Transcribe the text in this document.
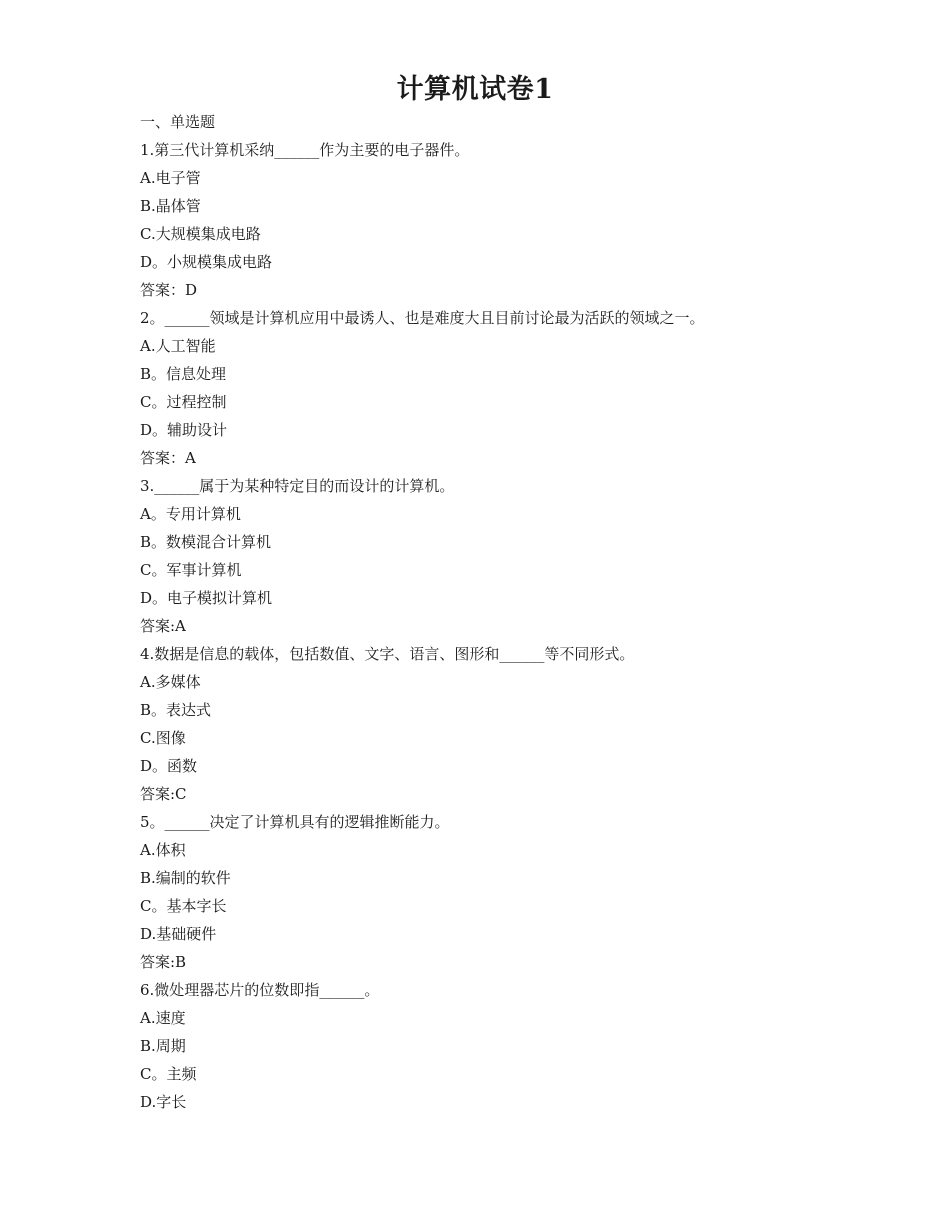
计算机试卷1
一、单选题
1.第三代计算机采纳______作为主要的电子器件。
A.电子管
B.晶体管
C.大规模集成电路
D。小规模集成电路
答案：D
2。______领域是计算机应用中最诱人、也是难度大且目前讨论最为活跃的领域之一。
A.人工智能
B。信息处理
C。过程控制
D。辅助设计
答案：A
3.______属于为某种特定目的而设计的计算机。
A。专用计算机
B。数模混合计算机
C。军事计算机
D。电子模拟计算机
答案:A
4.数据是信息的载体，包括数值、文字、语言、图形和______等不同形式。
A.多媒体
B。表达式
C.图像
D。函数
答案:C
5。______决定了计算机具有的逻辑推断能力。
A.体积
B.编制的软件
C。基本字长
D.基础硬件
答案:B
6.微处理器芯片的位数即指______。
A.速度
B.周期
C。主频
D.字长
